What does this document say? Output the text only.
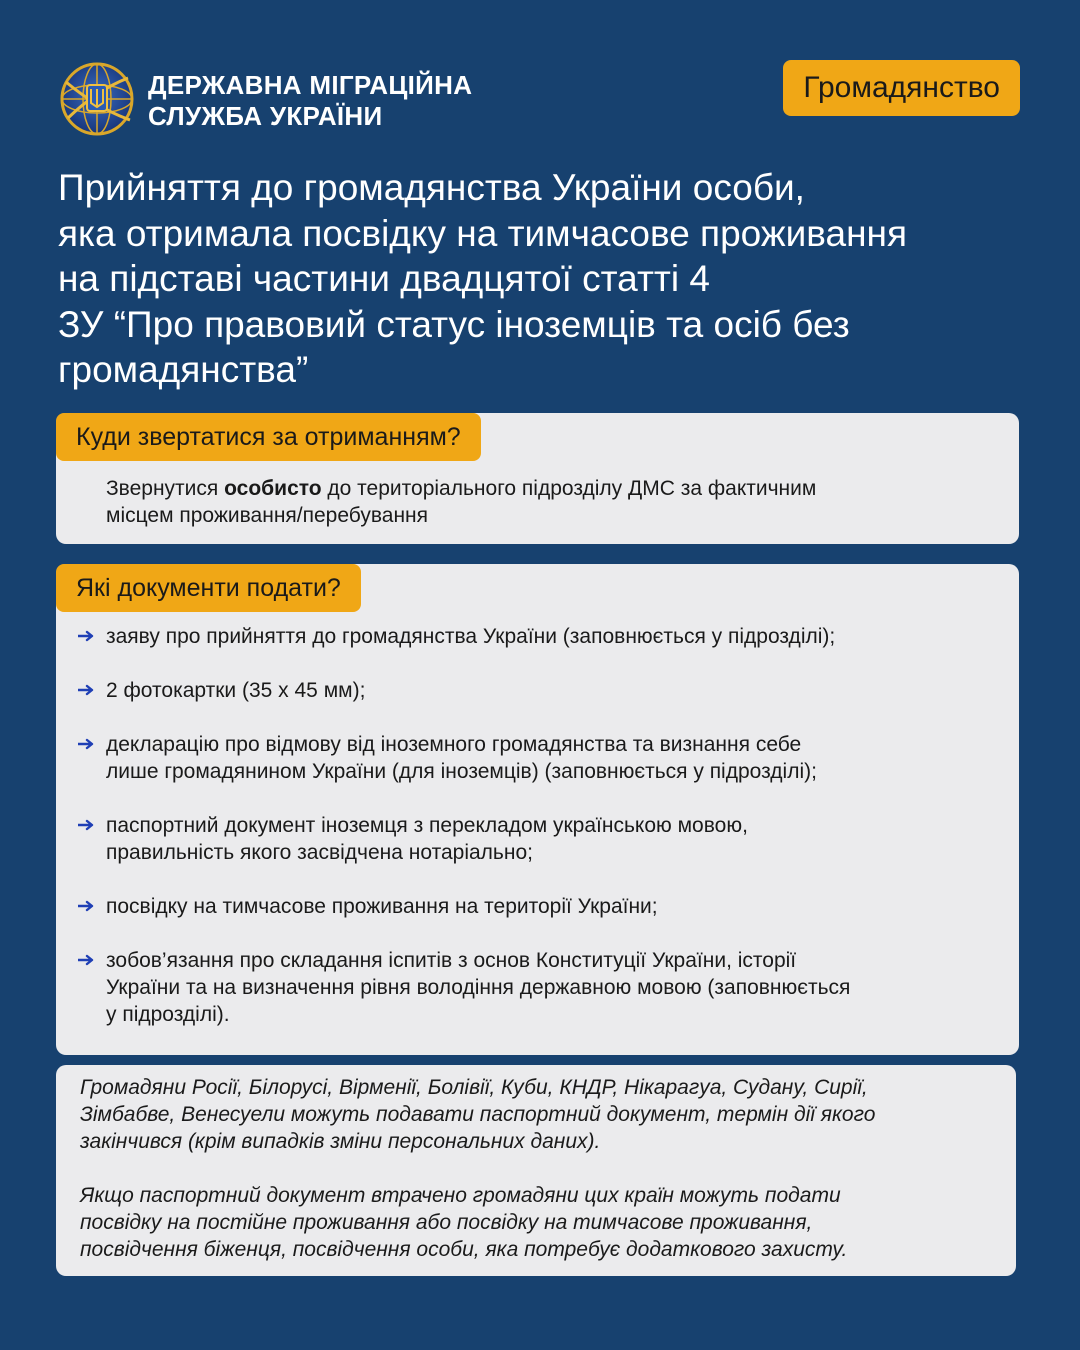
ДЕРЖАВНА МІГРАЦІЙНА
СЛУЖБА УКРАЇНИ
Громадянство
Прийняття до громадянства України особи,
яка отримала посвідку на тимчасове проживання
на підставі частини двадцятої статті 4
ЗУ “Про правовий статус іноземців та осіб без
громадянства”
Куди звертатися за отриманням?
Звернутися особисто до територіального підрозділу ДМС за фактичним
місцем проживання/перебування
Які документи подати?
заяву про прийняття до громадянства України (заповнюється у підрозділі);
2 фотокартки (35 х 45 мм);
декларацію про відмову від іноземного громадянства та визнання себе
лише громадянином України (для іноземців) (заповнюється у підрозділі);
паспортний документ іноземця з перекладом українською мовою,
правильність якого засвідчена нотаріально;
посвідку на тимчасове проживання на території України;
зобов’язання про складання іспитів з основ Конституції України, історії
України та на визначення рівня володіння державною мовою (заповнюється
у підрозділі).
Громадяни Росії, Білорусі, Вірменії, Болівії, Куби, КНДР, Нікарагуа, Судану, Сирії,
Зімбабве, Венесуели можуть подавати паспортний документ, термін дії якого
закінчився (крім випадків зміни персональних даних).
Якщо паспортний документ втрачено громадяни цих країн можуть подати
посвідку на постійне проживання або посвідку на тимчасове проживання,
посвідчення біженця, посвідчення особи, яка потребує додаткового захисту.
